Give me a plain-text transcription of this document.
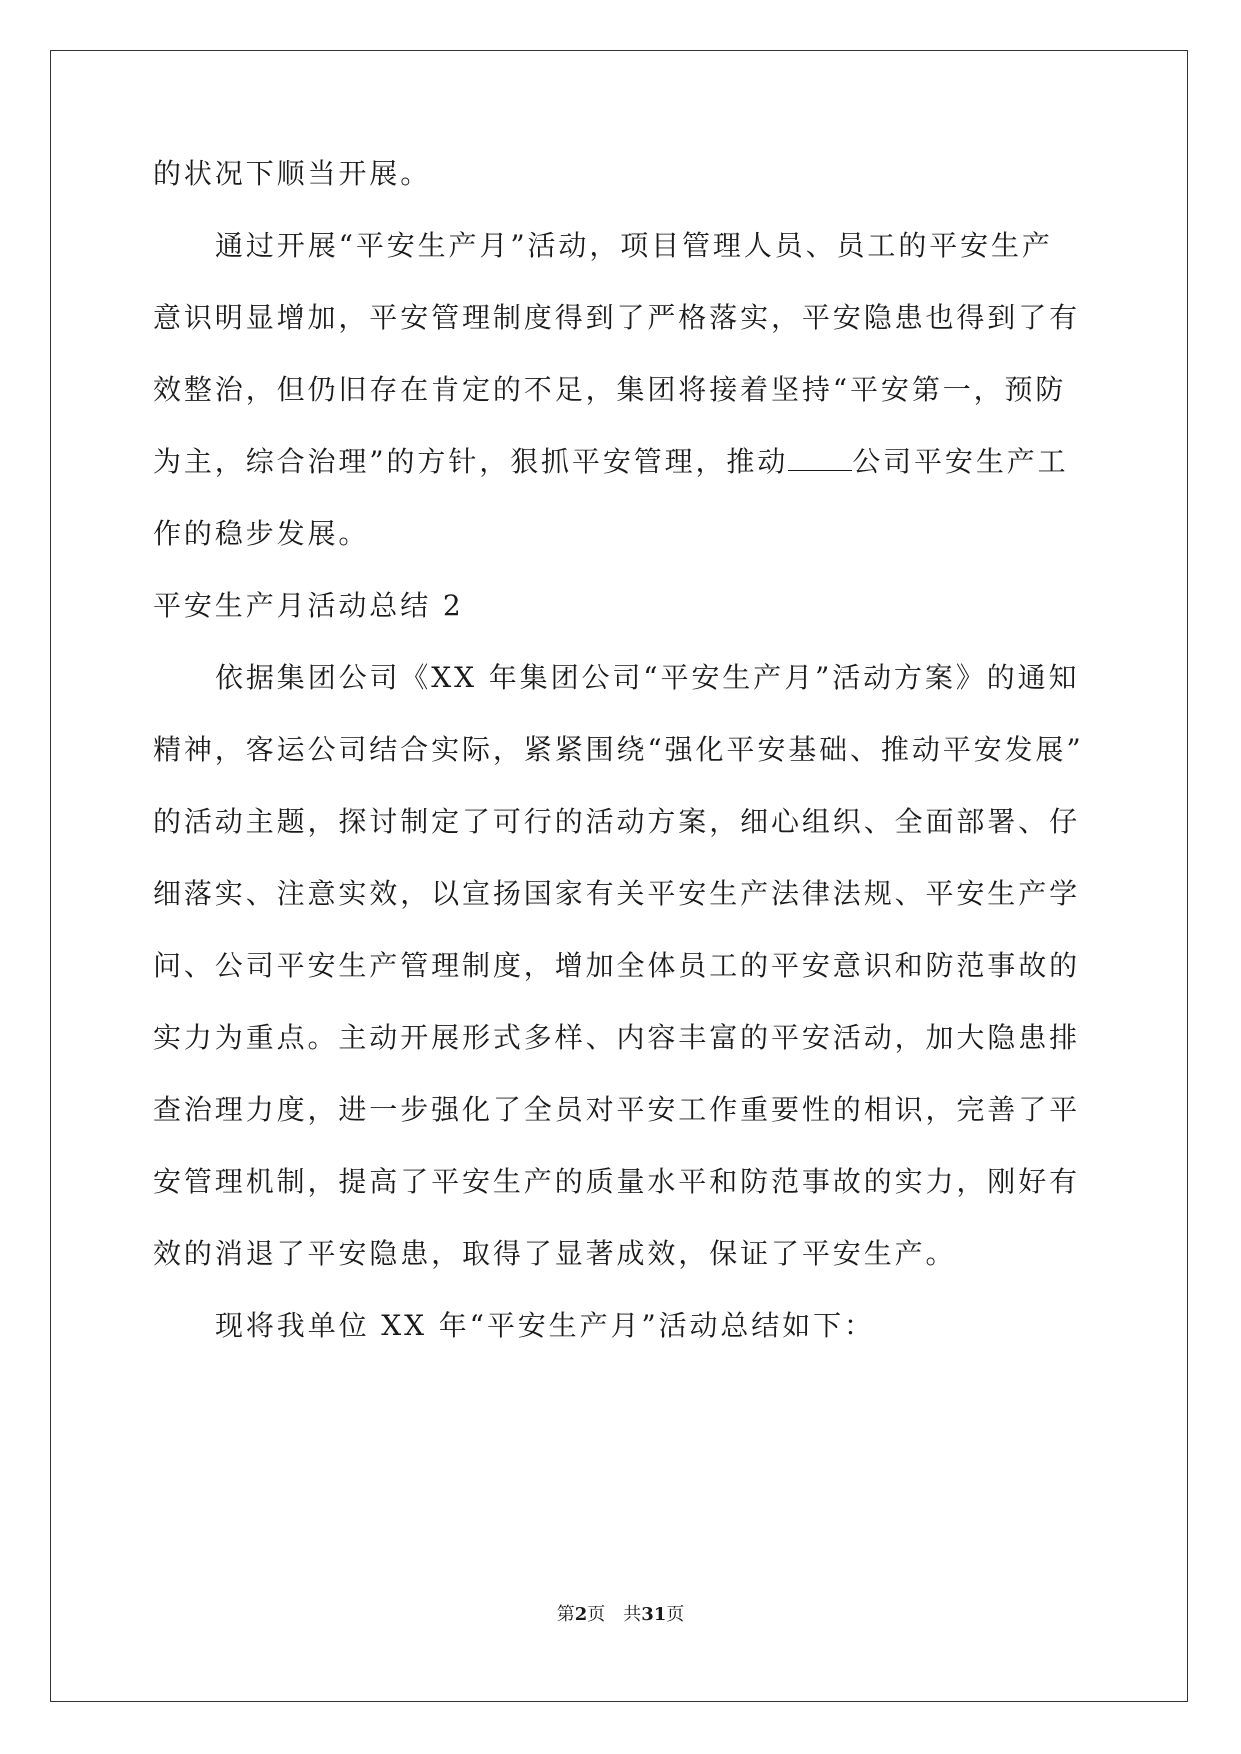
的状况下顺当开展。

通过开展“平安生产月”活动，项目管理人员、员工的平安生产

意识明显增加，平安管理制度得到了严格落实，平安隐患也得到了有

效整治，但仍旧存在肯定的不足，集团将接着坚持“平安第一，预防

为主，综合治理”的方针，狠抓平安管理，推动 公司平安生产工

作的稳步发展。

平安生产月活动总结 2

依据集团公司《XX 年集团公司“平安生产月”活动方案》的通知

精神，客运公司结合实际，紧紧围绕“强化平安基础、推动平安发展”

的活动主题，探讨制定了可行的活动方案，细心组织、全面部署、仔

细落实、注意实效，以宣扬国家有关平安生产法律法规、平安生产学

问、公司平安生产管理制度，增加全体员工的平安意识和防范事故的

实力为重点。主动开展形式多样、内容丰富的平安活动，加大隐患排

查治理力度，进一步强化了全员对平安工作重要性的相识，完善了平

安管理机制，提高了平安生产的质量水平和防范事故的实力，刚好有

效的消退了平安隐患，取得了显著成效，保证了平安生产。

现将我单位 XX 年“平安生产月”活动总结如下：

第2页　共31页
